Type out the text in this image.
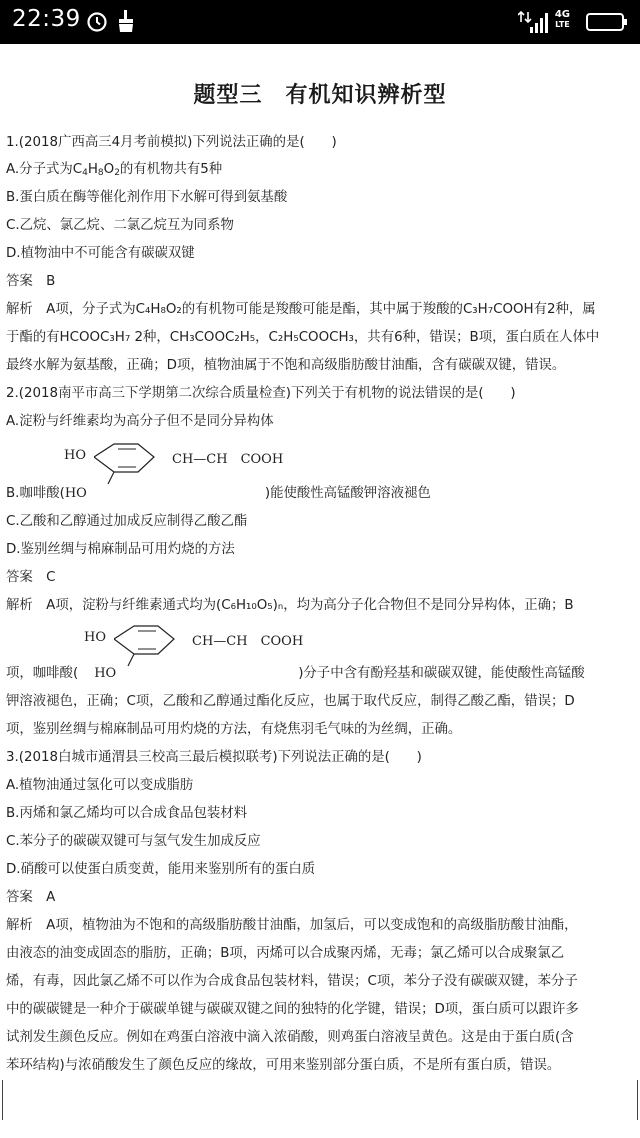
22:39	4G
LTE
题型三　有机知识辨析型
1.(2018广西高三4月考前模拟)下列说法正确的是(　　)
A.分子式为$C_4H_8O_2$的有机物共有5种
B.蛋白质在酶等催化剂作用下水解可得到氨基酸
C.乙烷、氯乙烷、二氯乙烷互为同系物
D.植物油中不可能含有碳碳双键
答案　B
解析　A项，分子式为C₄H₈O₂的有机物可能是羧酸可能是酯，其中属于羧酸的C₃H₇COOH有2种，属
于酯的有HCOOC₃H₇ 2种，CH₃COOC₂H₅，C₂H₅COOCH₃，共有6种，错误；B项，蛋白质在人体中
最终水解为氨基酸，正确；D项，植物油属于不饱和高级脂肪酸甘油酯，含有碳碳双键，错误。
2.(2018南平市高三下学期第二次综合质量检查)下列关于有机物的说法错误的是(　　)
A.淀粉与纤维素均为高分子但不是同分异构体
HO	CH—CH　COOH
B.咖啡酸(HO	)能使酸性高锰酸钾溶液褪色
C.乙酸和乙醇通过加成反应制得乙酸乙酯
D.鉴别丝绸与棉麻制品可用灼烧的方法
答案　C
解析　A项，淀粉与纤维素通式均为(C₆H₁₀O₅)ₙ，均为高分子化合物但不是同分异构体，正确；B
HO	CH—CH　COOH
项，咖啡酸( HO	)分子中含有酚羟基和碳碳双键，能使酸性高锰酸
钾溶液褪色，正确；C项，乙酸和乙醇通过酯化反应，也属于取代反应，制得乙酸乙酯，错误；D
项，鉴别丝绸与棉麻制品可用灼烧的方法，有烧焦羽毛气味的为丝绸，正确。
3.(2018白城市通渭县三校高三最后模拟联考)下列说法正确的是(　　)
A.植物油通过氢化可以变成脂肪
B.丙烯和氯乙烯均可以合成食品包装材料
C.苯分子的碳碳双键可与氢气发生加成反应
D.硝酸可以使蛋白质变黄，能用来鉴别所有的蛋白质
答案　A
解析　A项，植物油为不饱和的高级脂肪酸甘油酯，加氢后，可以变成饱和的高级脂肪酸甘油酯，
由液态的油变成固态的脂肪，正确；B项，丙烯可以合成聚丙烯，无毒；氯乙烯可以合成聚氯乙
烯，有毒，因此氯乙烯不可以作为合成食品包装材料，错误；C项，苯分子没有碳碳双键，苯分子
中的碳碳键是一种介于碳碳单键与碳碳双键之间的独特的化学键，错误；D项，蛋白质可以跟许多
试剂发生颜色反应。例如在鸡蛋白溶液中滴入浓硝酸，则鸡蛋白溶液呈黄色。这是由于蛋白质(含
苯环结构)与浓硝酸发生了颜色反应的缘故，可用来鉴别部分蛋白质，不是所有蛋白质，错误。
